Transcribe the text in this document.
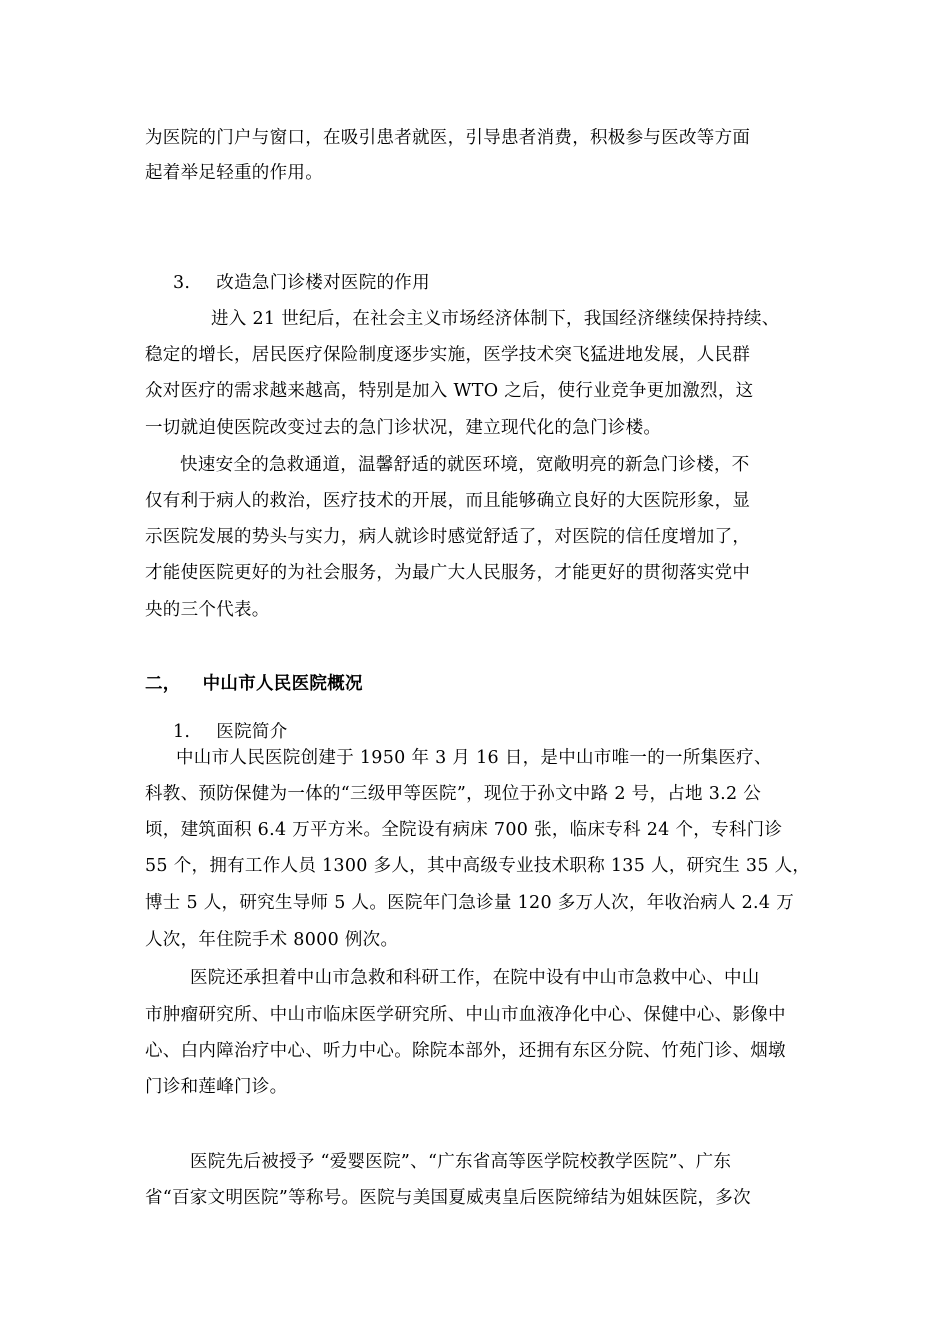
为医院的门户与窗口，在吸引患者就医，引导患者消费，积极参与医改等方面
起着举足轻重的作用。
3. 改造急门诊楼对医院的作用
进入 21 世纪后，在社会主义市场经济体制下，我国经济继续保持持续、
稳定的增长，居民医疗保险制度逐步实施，医学技术突飞猛进地发展，人民群
众对医疗的需求越来越高，特别是加入 WTO 之后，使行业竞争更加激烈，这
一切就迫使医院改变过去的急门诊状况，建立现代化的急门诊楼。
快速安全的急救通道，温馨舒适的就医环境，宽敞明亮的新急门诊楼，不
仅有利于病人的救治，医疗技术的开展，而且能够确立良好的大医院形象，显
示医院发展的势头与实力，病人就诊时感觉舒适了，对医院的信任度增加了，
才能使医院更好的为社会服务，为最广大人民服务，才能更好的贯彻落实党中
央的三个代表。
二， 中山市人民医院概况
1. 医院简介
中山市人民医院创建于 1950 年 3 月 16 日，是中山市唯一的一所集医疗、
科教、预防保健为一体的“三级甲等医院”，现位于孙文中路 2 号，占地 3.2 公
顷，建筑面积 6.4 万平方米。全院设有病床 700 张，临床专科 24 个，专科门诊
55 个，拥有工作人员 1300 多人，其中高级专业技术职称 135 人，研究生 35 人，
博士 5 人，研究生导师 5 人。医院年门急诊量 120 多万人次，年收治病人 2.4 万
人次，年住院手术 8000 例次。
医院还承担着中山市急救和科研工作，在院中设有中山市急救中心、中山
市肿瘤研究所、中山市临床医学研究所、中山市血液净化中心、保健中心、影像中
心、白内障治疗中心、听力中心。除院本部外，还拥有东区分院、竹苑门诊、烟墩
门诊和莲峰门诊。
医院先后被授予 “爱婴医院”、“广东省高等医学院校教学医院”、广东
省“百家文明医院”等称号。医院与美国夏威夷皇后医院缔结为姐妹医院，多次
